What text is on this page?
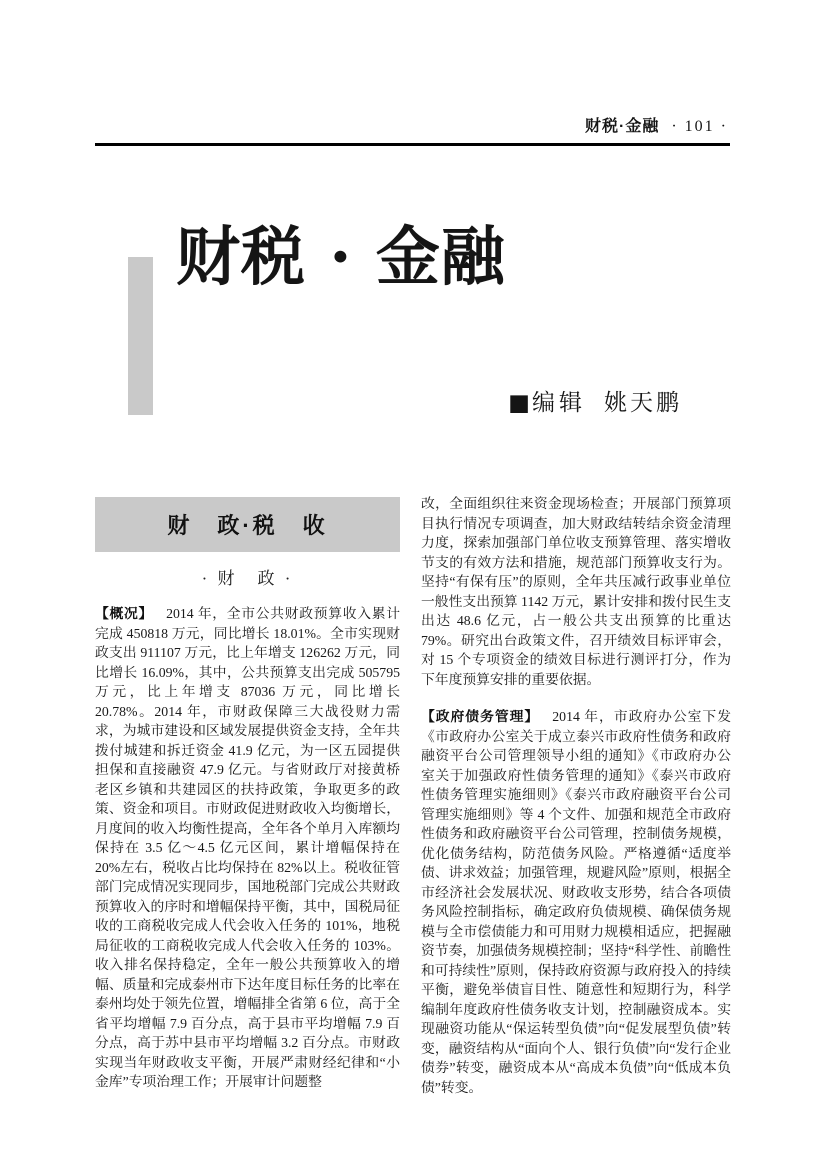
财税·金融 · 101 ·
财税 · 金融
■编辑 姚天鹏
财　政·税　收
· 财　政 ·

【概况】 2014 年，全市公共财政预算收入累计完成 450818 万元，同比增长 18.01%。全市实现财政支出 911107 万元，比上年增支 126262 万元，同比增长 16.09%，其中，公共预算支出完成 505795 万元，比上年增支 87036 万元，同比增长 20.78%。2014 年，市财政保障三大战役财力需求，为城市建设和区域发展提供资金支持，全年共拨付城建和拆迁资金 41.9 亿元，为一区五园提供担保和直接融资 47.9 亿元。与省财政厅对接黄桥老区乡镇和共建园区的扶持政策，争取更多的政策、资金和项目。市财政促进财政收入均衡增长，月度间的收入均衡性提高，全年各个单月入库额均保持在 3.5 亿～4.5 亿元区间，累计增幅保持在 20%左右，税收占比均保持在 82%以上。税收征管部门完成情况实现同步，国地税部门完成公共财政预算收入的序时和增幅保持平衡，其中，国税局征收的工商税收完成人代会收入任务的 101%，地税局征收的工商税收完成人代会收入任务的 103%。收入排名保持稳定，全年一般公共预算收入的增幅、质量和完成泰州市下达年度目标任务的比率在泰州均处于领先位置，增幅排全省第 6 位，高于全省平均增幅 7.9 百分点，高于县市平均增幅 7.9 百分点，高于苏中县市平均增幅 3.2 百分点。市财政实现当年财政收支平衡，开展严肃财经纪律和“小金库”专项治理工作；开展审计问题整

改，全面组织往来资金现场检查；开展部门预算项目执行情况专项调查，加大财政结转结余资金清理力度，探索加强部门单位收支预算管理、落实增收节支的有效方法和措施，规范部门预算收支行为。坚持“有保有压”的原则，全年共压减行政事业单位一般性支出预算 1142 万元，累计安排和拨付民生支出达 48.6 亿元，占一般公共支出预算的比重达 79%。研究出台政策文件，召开绩效目标评审会，对 15 个专项资金的绩效目标进行测评打分，作为下年度预算安排的重要依据。

【政府债务管理】 2014 年，市政府办公室下发《市政府办公室关于成立泰兴市政府性债务和政府融资平台公司管理领导小组的通知》《市政府办公室关于加强政府性债务管理的通知》《泰兴市政府性债务管理实施细则》《泰兴市政府融资平台公司管理实施细则》等 4 个文件、加强和规范全市政府性债务和政府融资平台公司管理，控制债务规模，优化债务结构，防范债务风险。严格遵循“适度举债、讲求效益；加强管理，规避风险”原则，根据全市经济社会发展状况、财政收支形势，结合各项债务风险控制指标，确定政府负债规模、确保债务规模与全市偿债能力和可用财力规模相适应，把握融资节奏，加强债务规模控制；坚持“科学性、前瞻性和可持续性”原则，保持政府资源与政府投入的持续平衡，避免举债盲目性、随意性和短期行为，科学编制年度政府性债务收支计划，控制融资成本。实现融资功能从“保运转型负债”向“促发展型负债”转变，融资结构从“面向个人、银行负债”向“发行企业债券”转变，融资成本从“高成本负债”向“低成本负债”转变。
